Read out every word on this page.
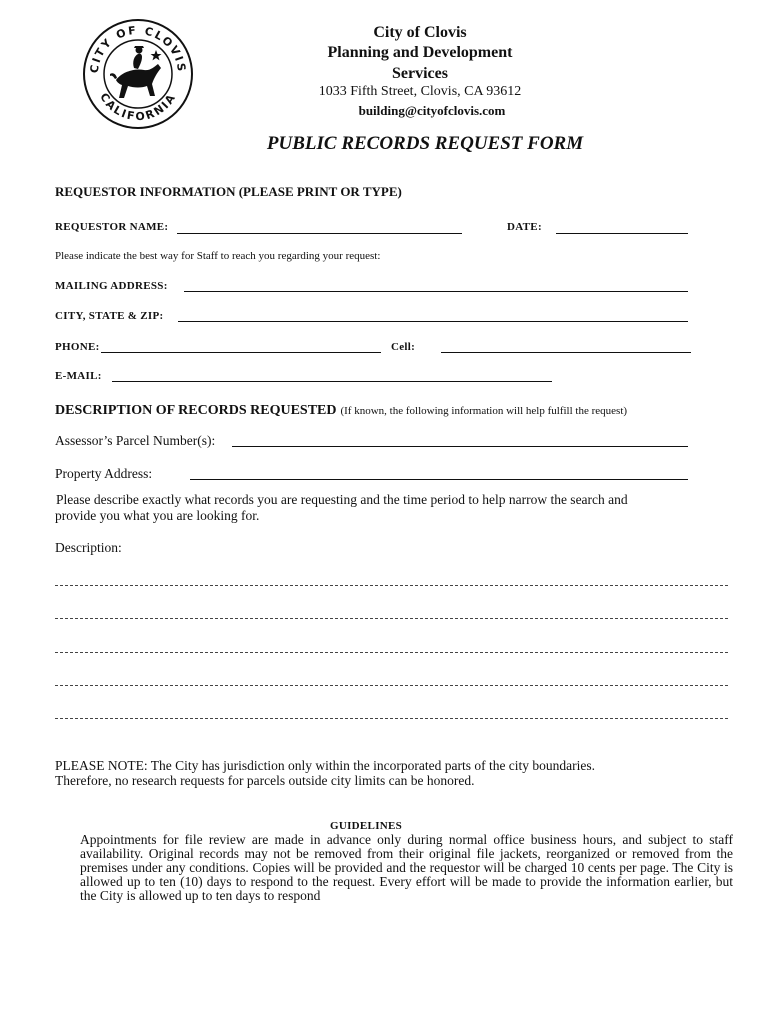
CITY OF CLOVIS
CALIFORNIA
City of Clovis
Planning and Development
Services
1033 Fifth Street, Clovis, CA 93612
building@cityofclovis.com
PUBLIC RECORDS REQUEST FORM
REQUESTOR INFORMATION (PLEASE PRINT OR TYPE)
REQUESTOR NAME:	DATE:
Please indicate the best way for Staff to reach you regarding your request:
MAILING ADDRESS:
CITY, STATE & ZIP:
PHONE:	Cell:
E-MAIL:
DESCRIPTION OF RECORDS REQUESTED (If known, the following information will help fulfill the request)
Assessor’s Parcel Number(s):
Property Address:
Please describe exactly what records you are requesting and the time period to help narrow the search and
provide you what you are looking for.
Description:
PLEASE NOTE: The City has jurisdiction only within the incorporated parts of the city boundaries.
Therefore, no research requests for parcels outside city limits can be honored.
GUIDELINES
Appointments for file review are made in advance only during normal office business hours, and subject to staff availability. Original records may not be removed from their original file jackets, reorganized or removed from the premises under any conditions. Copies will be provided and the requestor will be charged 10 cents per page. The City is allowed up to ten (10) days to respond to the request. Every effort will be made to provide the information earlier, but the City is allowed up to ten days to respond
